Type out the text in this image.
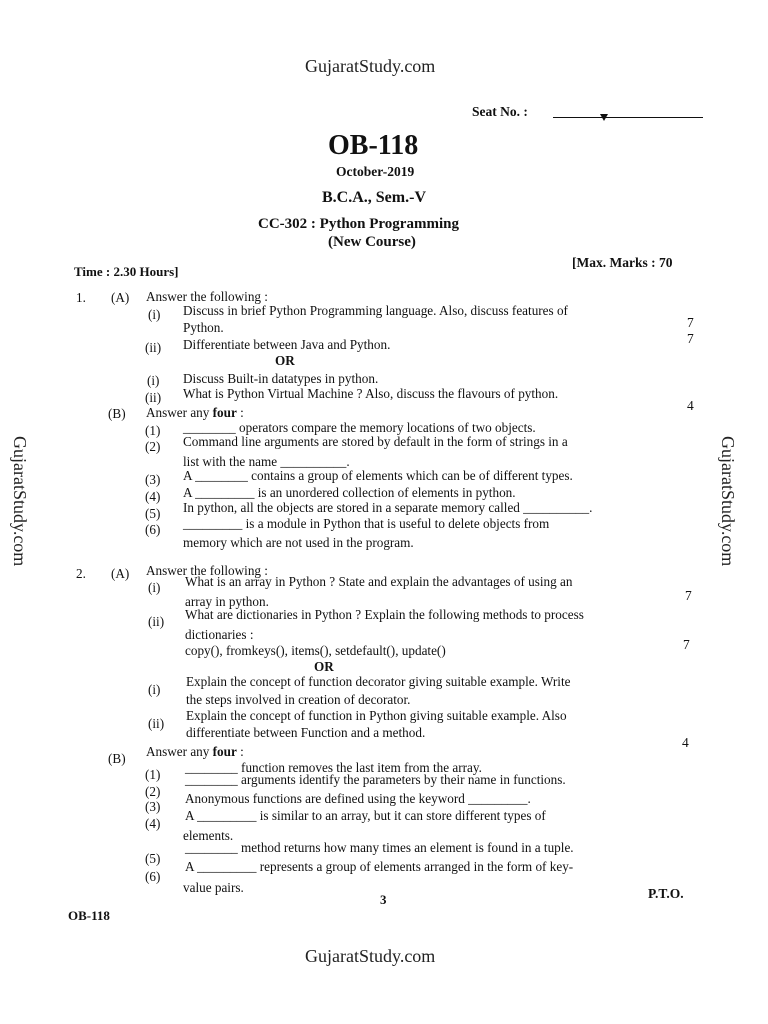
GujaratStudy.com
GujaratStudy.com
GujaratStudy.com	GujaratStudy.com
Seat No. :
OB-118
October-2019
B.C.A., Sem.-V
CC-302 : Python Programming
(New Course)
Time : 2.30 Hours]
[Max. Marks : 70
1. (A) Answer the following :
(i) Discuss in brief Python Programming language. Also, discuss features of
Python.	7
(ii) Differentiate between Java and Python.	7
OR
(i) Discuss Built-in datatypes in python.
(ii) What is Python Virtual Machine ? Also, discuss the flavours of python.
(B) Answer any four :	4
(1) ________ operators compare the memory locations of two objects.
(2) Command line arguments are stored by default in the form of strings in a
list with the name __________.
(3) A ________ contains a group of elements which can be of different types.
(4) A _________ is an unordered collection of elements in python.
(5) In python, all the objects are stored in a separate memory called __________.
(6) _________ is a module in Python that is useful to delete objects from
memory which are not used in the program.
2. (A) Answer the following :
(i) What is an array in Python ? State and explain the advantages of using an
array in python.	7
(ii) What are dictionaries in Python ? Explain the following methods to process
dictionaries :
copy(), fromkeys(), items(), setdefault(), update()	7
OR
(i)
Explain the concept of function decorator giving suitable example. Write
the steps involved in creation of decorator.
(ii)
Explain the concept of function in Python giving suitable example. Also
differentiate between Function and a method.
(B) Answer any four :
4
(1) ________ function removes the last item from the array.
(2)
________ arguments identify the parameters by their name in functions.
(3)
Anonymous functions are defined using the keyword _________.
(4)
A _________ is similar to an array, but it can store different types of
elements.
(5)
________ method returns how many times an element is found in a tuple.
(6)
A _________ represents a group of elements arranged in the form of key-
value pairs.
3	P.T.O.
OB-118
